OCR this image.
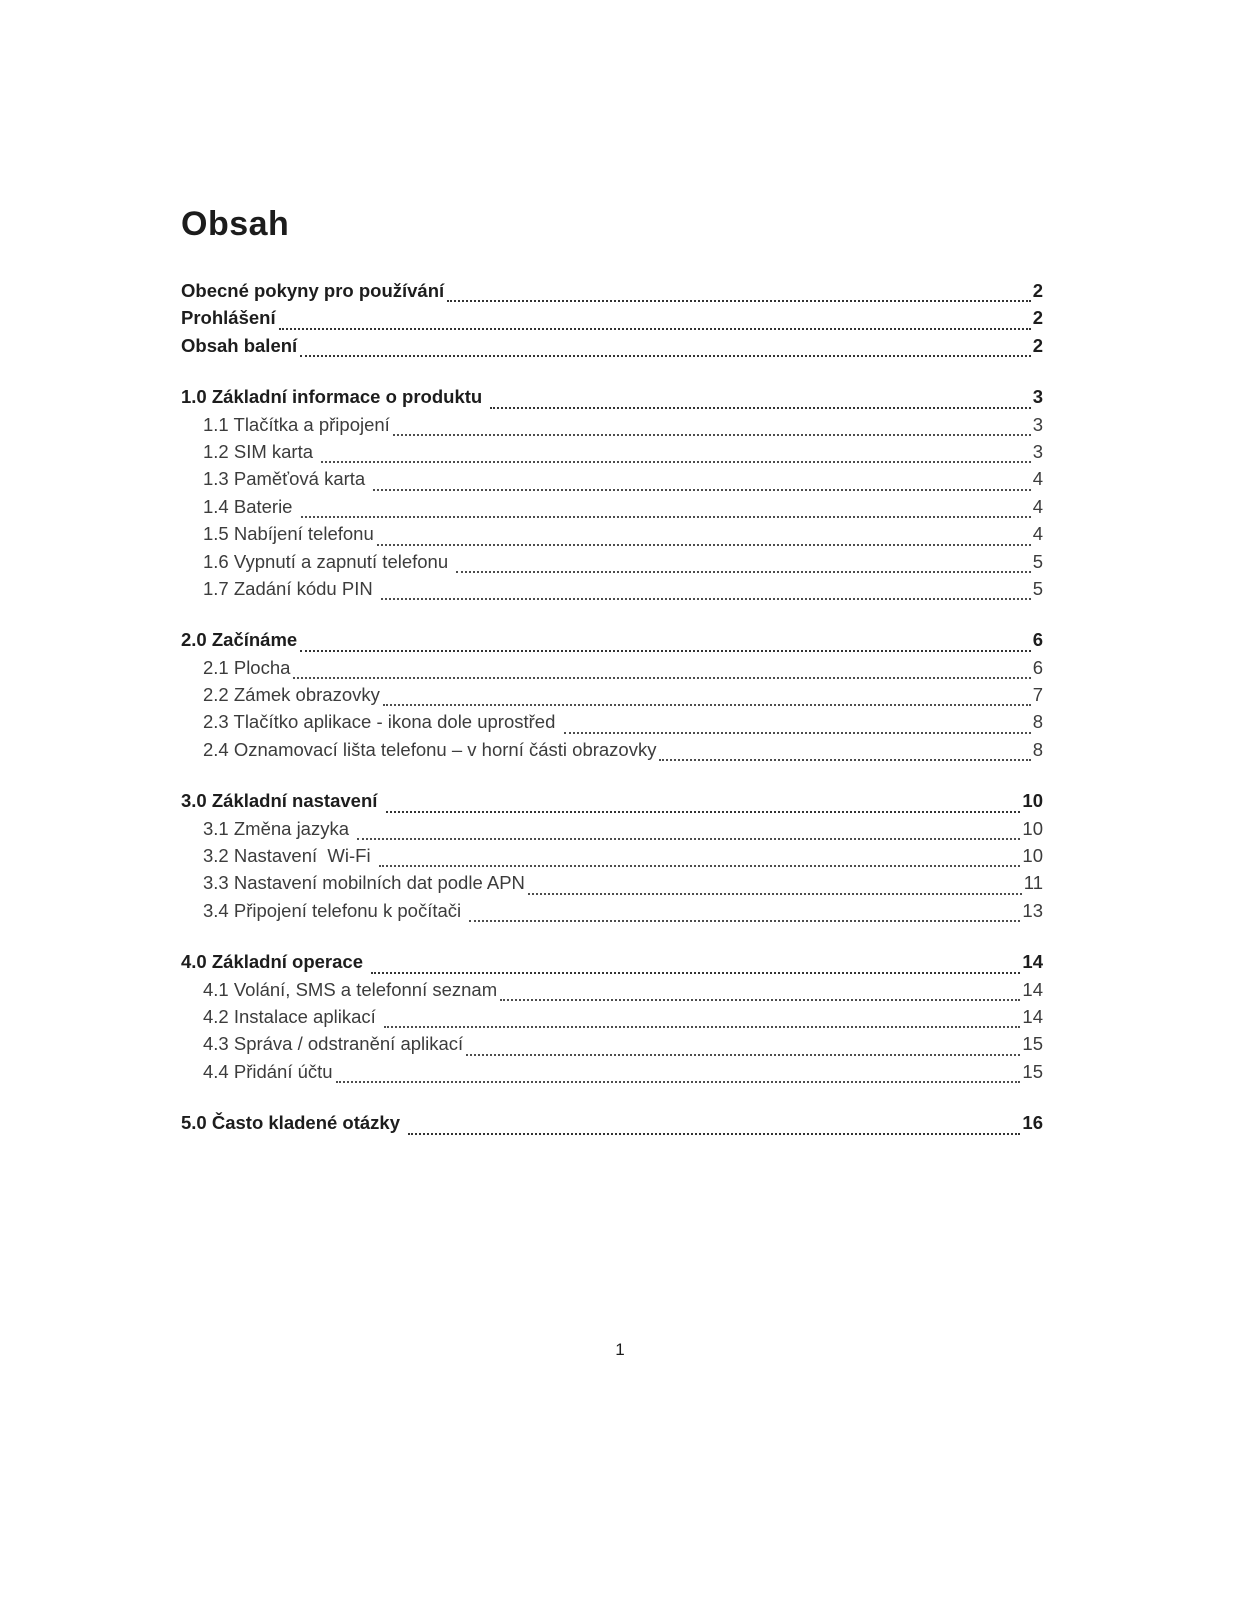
Obsah
Obecné pokyny pro používání	2
Prohlášení	2
Obsah balení	2
1.0 Základní informace o produktu	3
1.1 Tlačítka a připojení	3
1.2 SIM karta	3
1.3 Paměťová karta	4
1.4 Baterie	4
1.5 Nabíjení telefonu	4
1.6 Vypnutí a zapnutí telefonu	5
1.7 Zadání kódu PIN	5
2.0 Začínáme	6
2.1 Plocha	6
2.2 Zámek obrazovky	7
2.3 Tlačítko aplikace - ikona dole uprostřed	8
2.4 Oznamovací lišta telefonu – v horní části obrazovky	8
3.0 Základní nastavení	10
3.1 Změna jazyka	10
3.2 Nastavení  Wi-Fi	10
3.3 Nastavení mobilních dat podle APN	11
3.4 Připojení telefonu k počítači	13
4.0 Základní operace	14
4.1 Volání, SMS a telefonní seznam	14
4.2 Instalace aplikací	14
4.3 Správa / odstranění aplikací	15
4.4 Přidání účtu	15
5.0 Často kladené otázky	16
1
